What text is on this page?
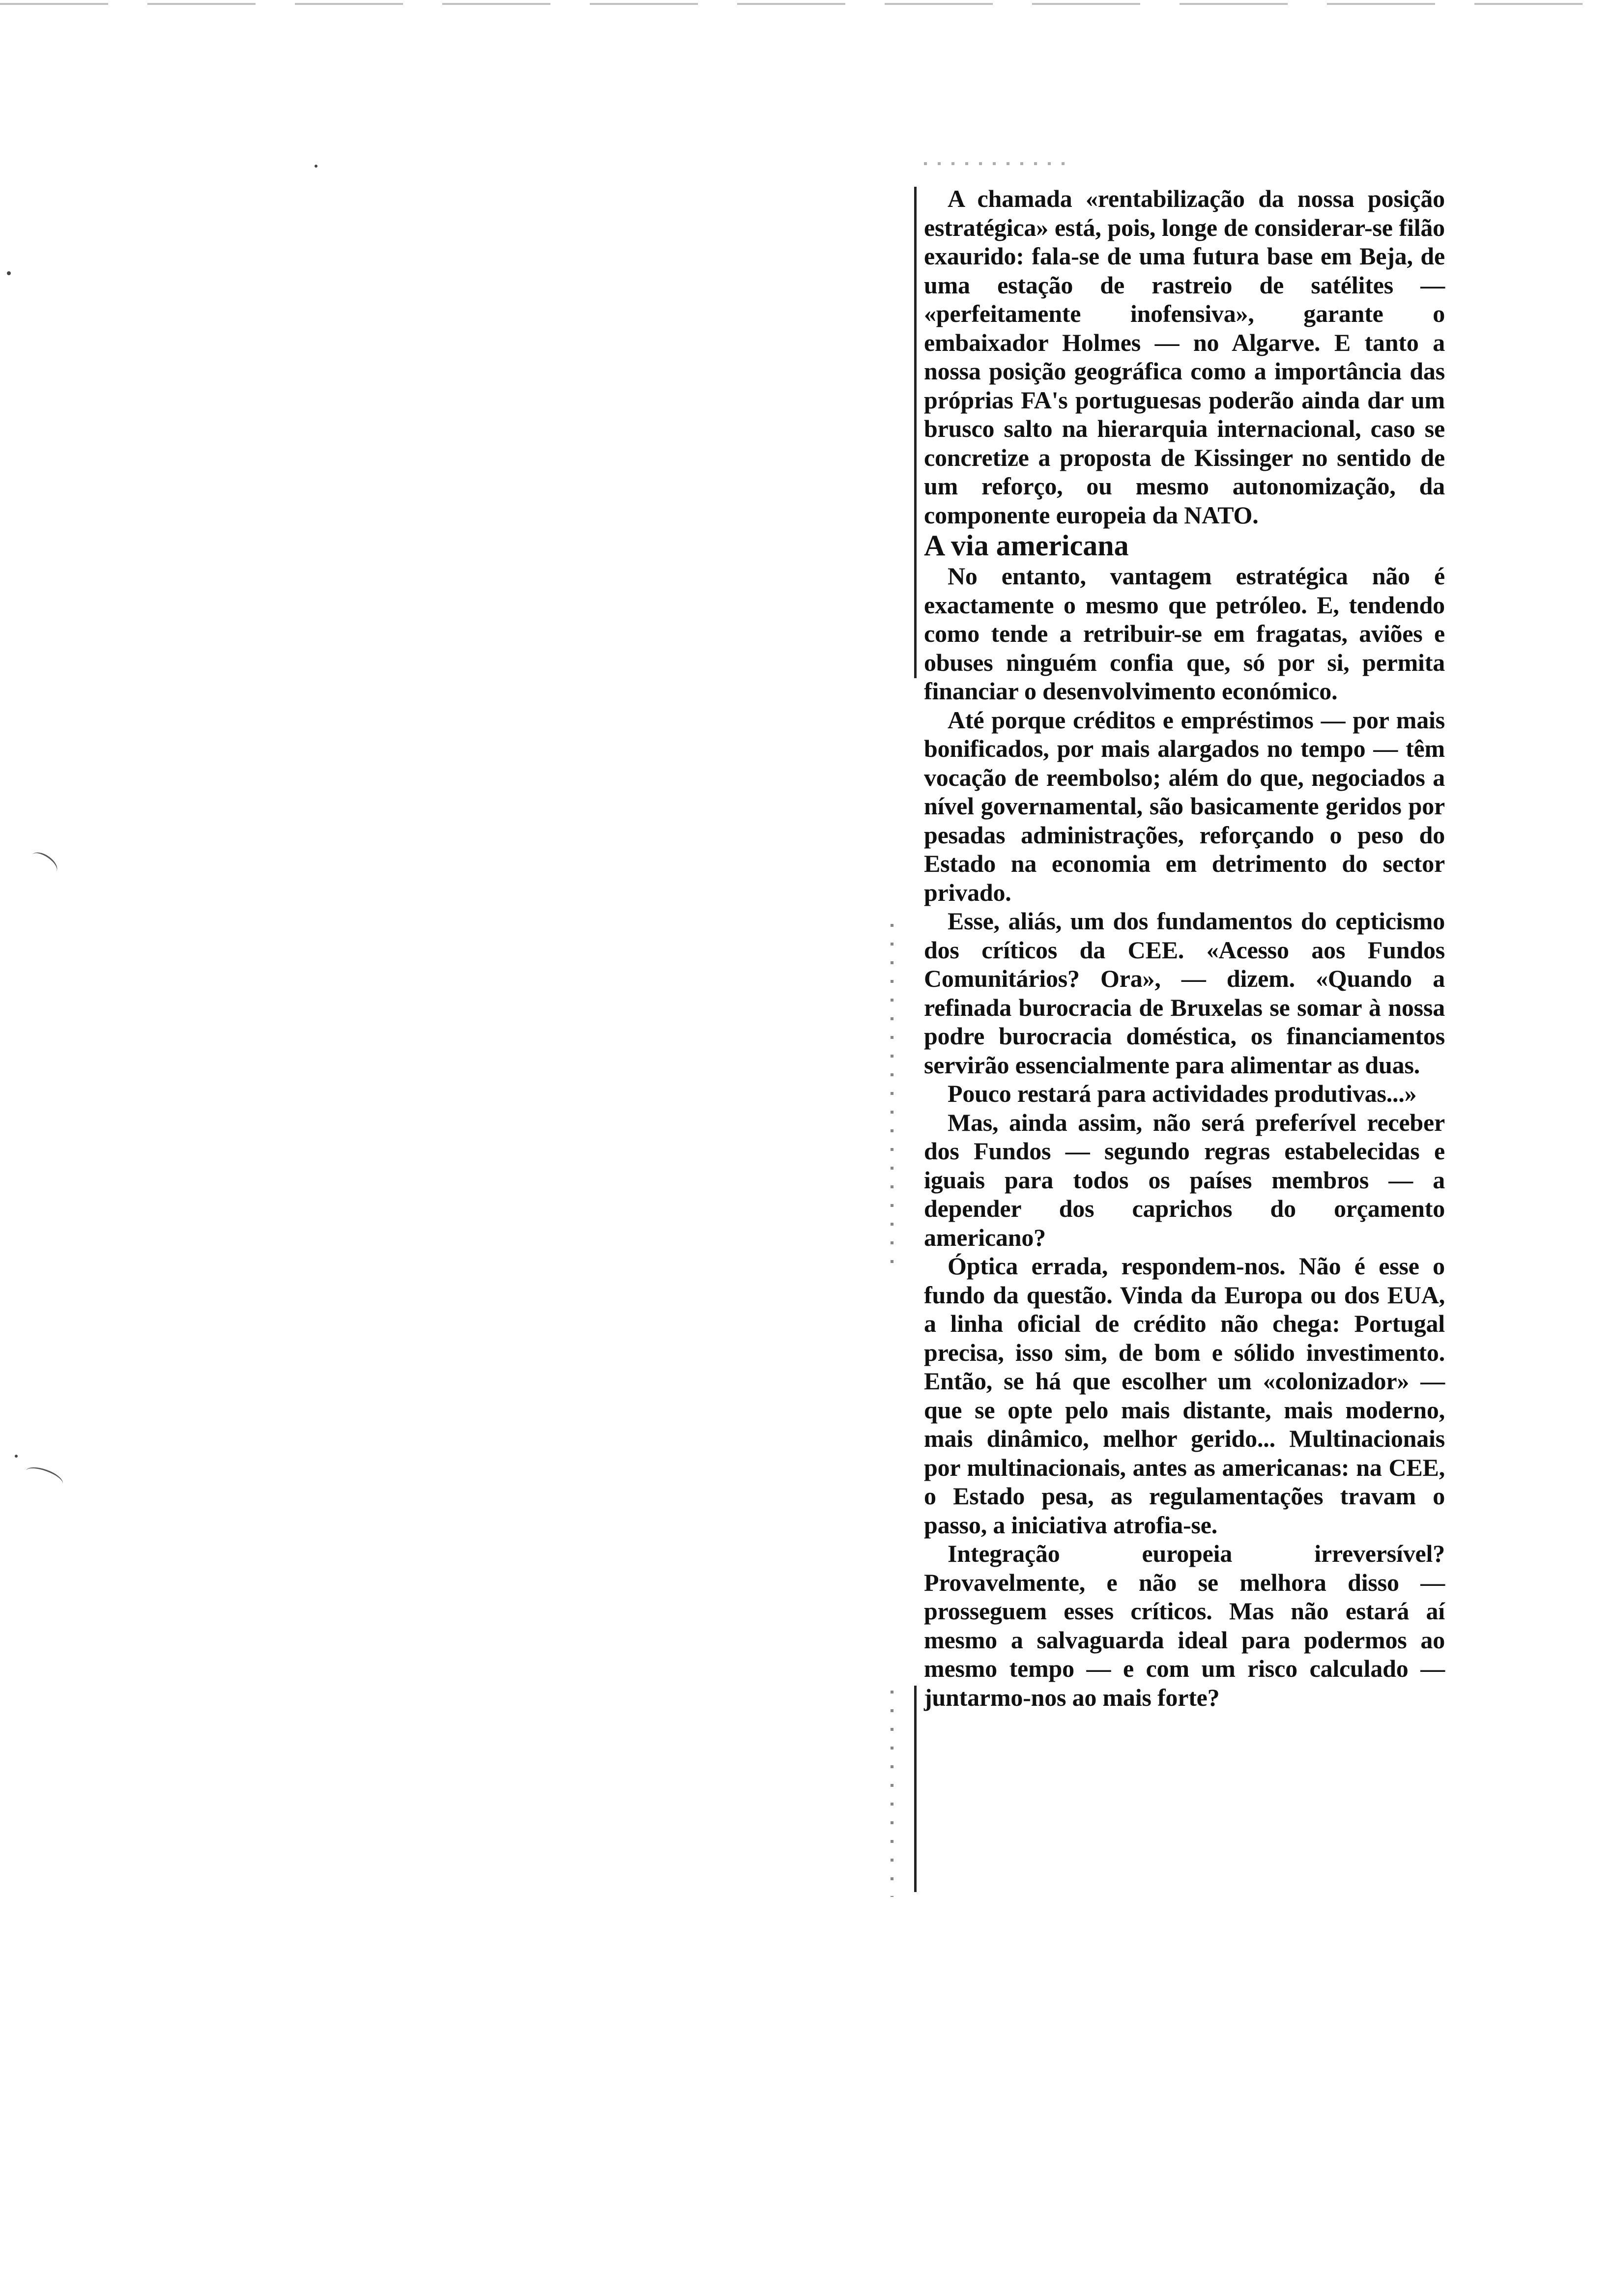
A chamada «rentabilização da nossa posição estratégica» está, pois, longe de considerar-se filão exaurido: fala-se de uma futura base em Beja, de uma estação de rastreio de satélites — «perfeitamente inofensiva», garante o embaixador Holmes — no Algarve. E tanto a nossa posição geográfica como a importância das próprias FA's portuguesas poderão ainda dar um brusco salto na hierarquia internacional, caso se concretize a proposta de Kissinger no sentido de um reforço, ou mesmo autonomização, da componente europeia da NATO.

A via americana

No entanto, vantagem estratégica não é exactamente o mesmo que petróleo. E, tendendo como tende a retribuir-se em fragatas, aviões e obuses ninguém confia que, só por si, permita financiar o desenvolvimento económico.

Até porque créditos e empréstimos — por mais bonificados, por mais alargados no tempo — têm vocação de reembolso; além do que, negociados a nível governamental, são basicamente geridos por pesadas administrações, reforçando o peso do Estado na economia em detrimento do sector privado.

Esse, aliás, um dos fundamentos do cepticismo dos críticos da CEE. «Acesso aos Fundos Comunitários? Ora», — dizem. «Quando a refinada burocracia de Bruxelas se somar à nossa podre burocracia doméstica, os financiamentos servirão essencialmente para alimentar as duas.

Pouco restará para actividades produtivas...»

Mas, ainda assim, não será preferível receber dos Fundos — segundo regras estabelecidas e iguais para todos os países membros — a depender dos caprichos do orçamento americano?

Óptica errada, respondem-nos. Não é esse o fundo da questão. Vinda da Europa ou dos EUA, a linha oficial de crédito não chega: Portugal precisa, isso sim, de bom e sólido investimento. Então, se há que escolher um «colonizador» — que se opte pelo mais distante, mais moderno, mais dinâmico, melhor gerido... Multinacionais por multinacionais, antes as americanas: na CEE, o Estado pesa, as regulamentações travam o passo, a iniciativa atrofia-se.

Integração europeia irreversível? Provavelmente, e não se melhora disso — prosseguem esses críticos. Mas não estará aí mesmo a salvaguarda ideal para podermos ao mesmo tempo — e com um risco calculado — juntarmo-nos ao mais forte?
